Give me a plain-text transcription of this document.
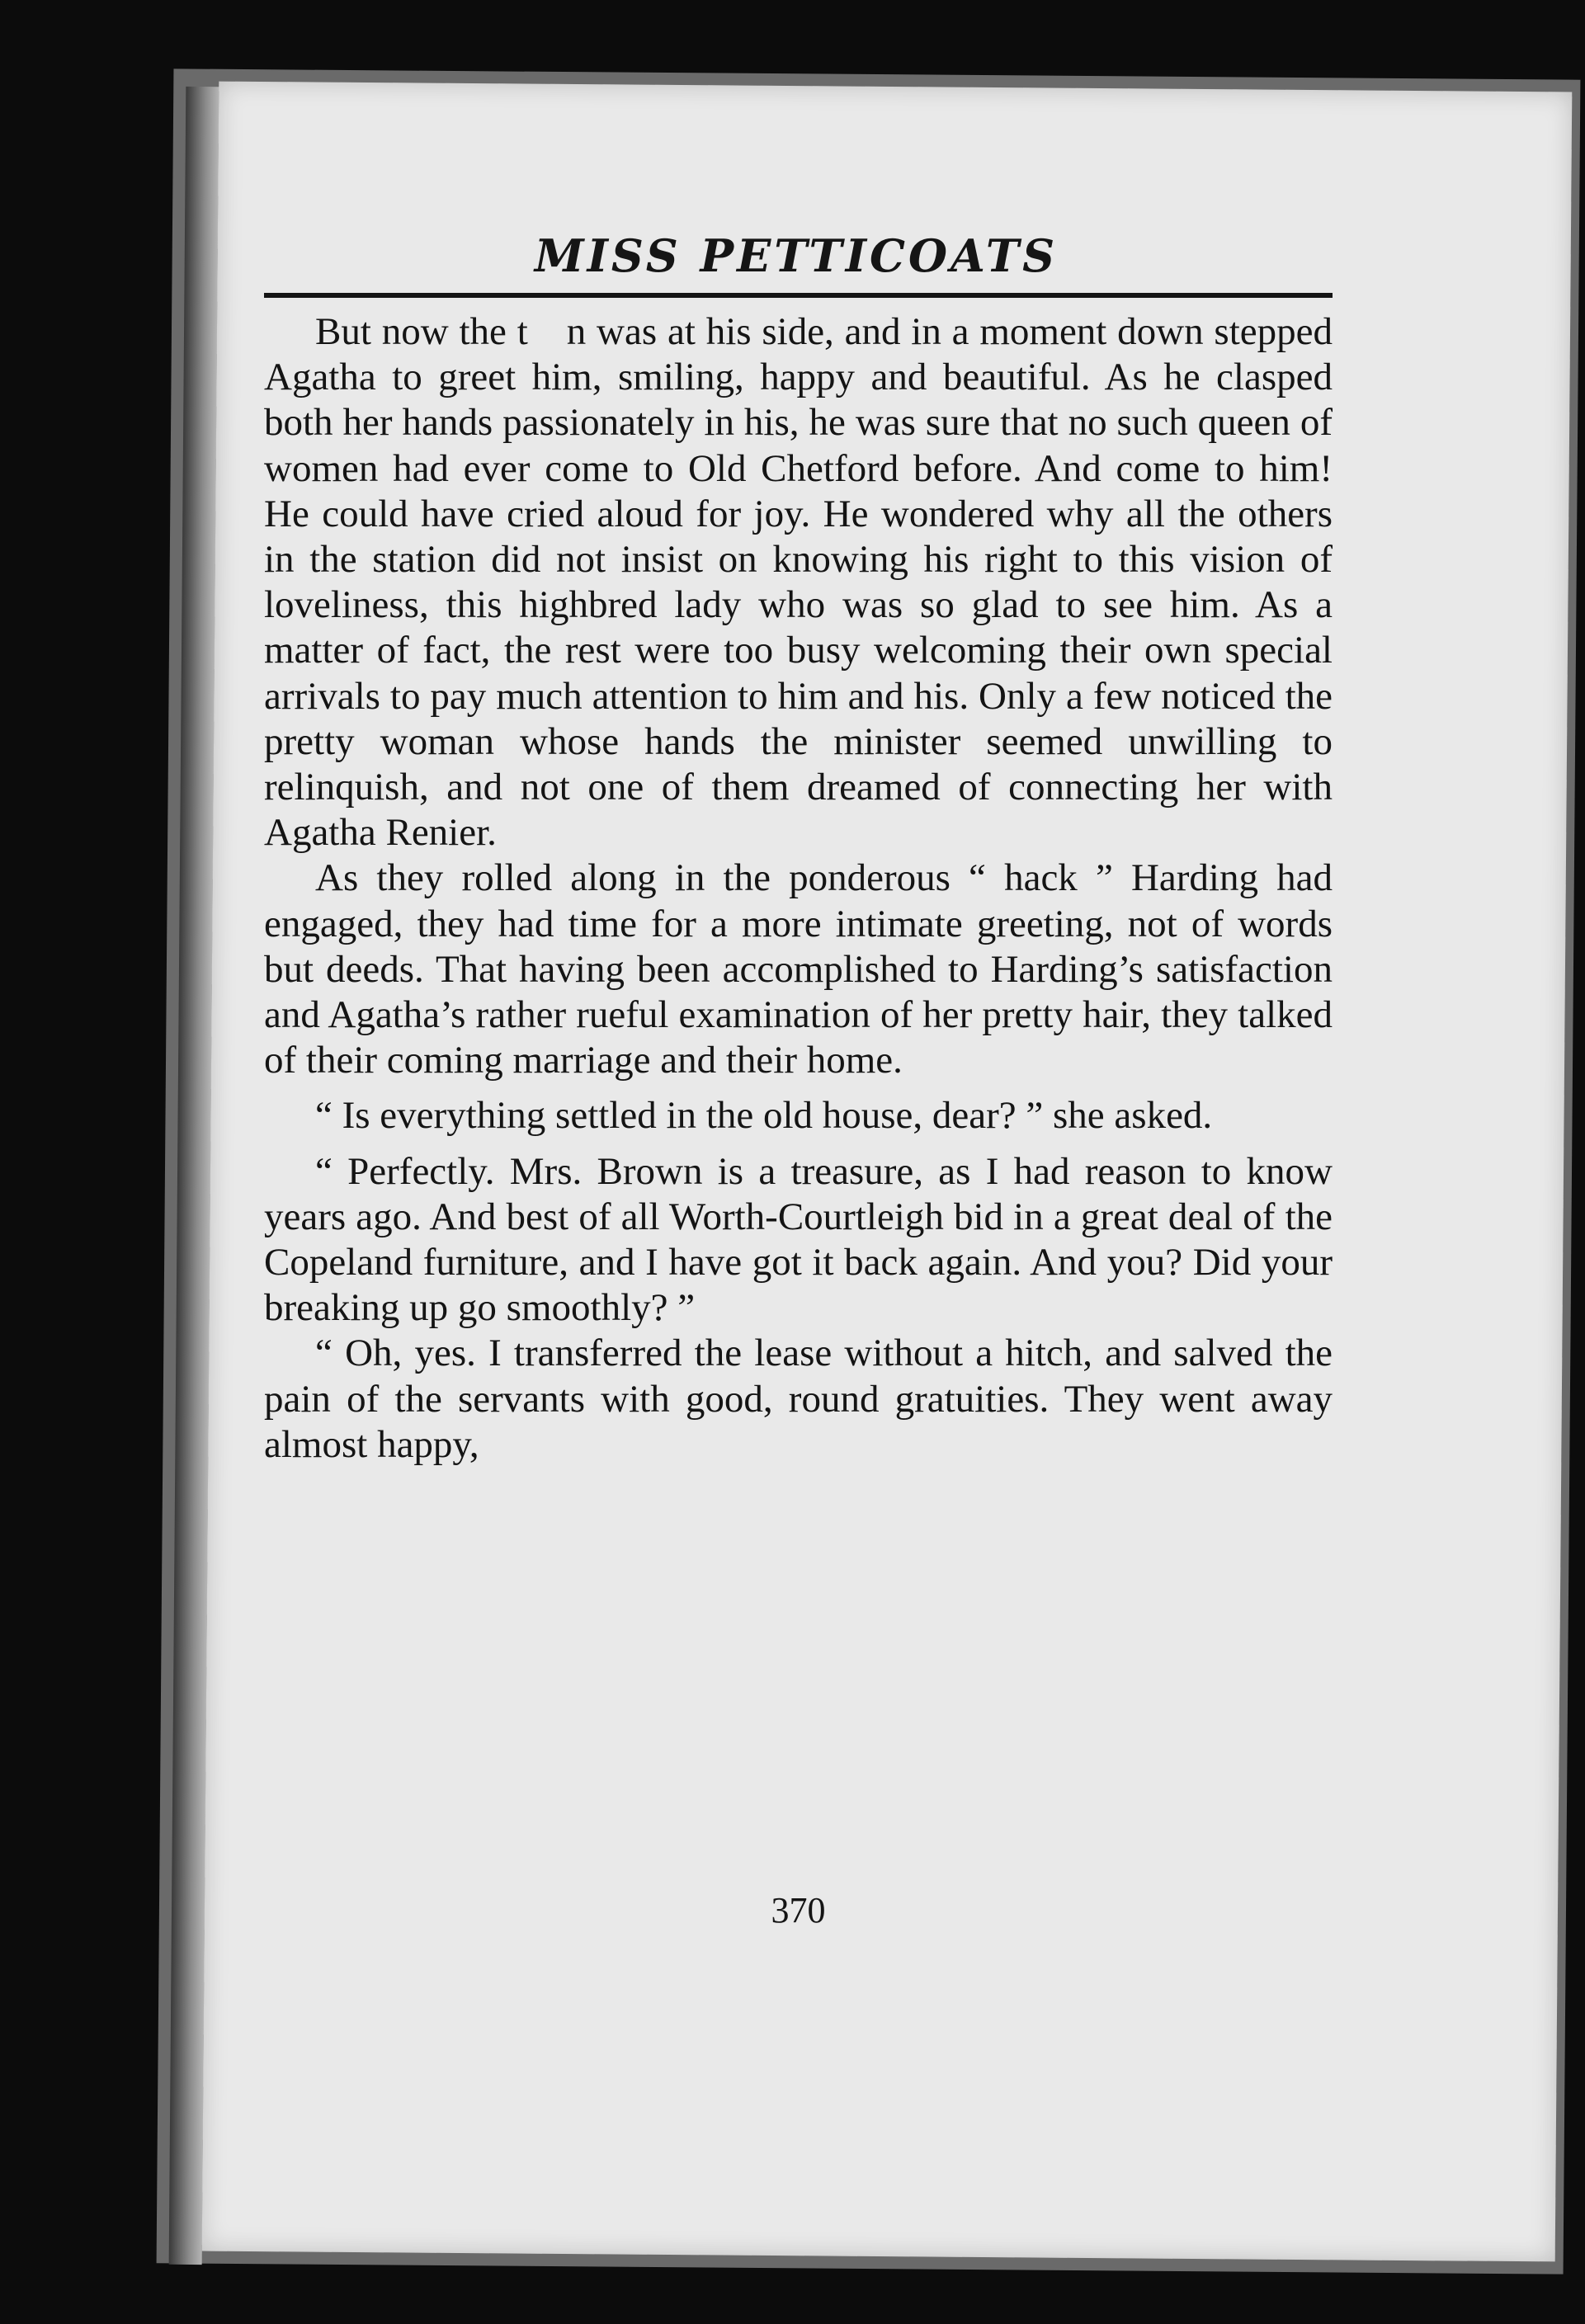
MISS PETTICOATS

But now the t n was at his side, and in a moment down stepped Agatha to greet him, smiling, happy and beautiful. As he clasped both her hands passionately in his, he was sure that no such queen of women had ever come to Old Chetford before. And come to him! He could have cried aloud for joy. He wondered why all the others in the station did not insist on knowing his right to this vision of loveliness, this highbred lady who was so glad to see him. As a matter of fact, the rest were too busy welcoming their own special arrivals to pay much attention to him and his. Only a few noticed the pretty woman whose hands the minister seemed unwilling to relinquish, and not one of them dreamed of connecting her with Agatha Renier.

As they rolled along in the ponderous “ hack ” Harding had engaged, they had time for a more intimate greeting, not of words but deeds. That having been accomplished to Harding’s satisfaction and Agatha’s rather rueful examination of her pretty hair, they talked of their coming marriage and their home.

“ Is everything settled in the old house, dear? ” she asked.

“ Perfectly. Mrs. Brown is a treasure, as I had reason to know years ago. And best of all Worth-Courtleigh bid in a great deal of the Copeland furniture, and I have got it back again. And you? Did your breaking up go smoothly? ”

“ Oh, yes. I transferred the lease without a hitch, and salved the pain of the servants with good, round gratuities. They went away almost happy,

370
